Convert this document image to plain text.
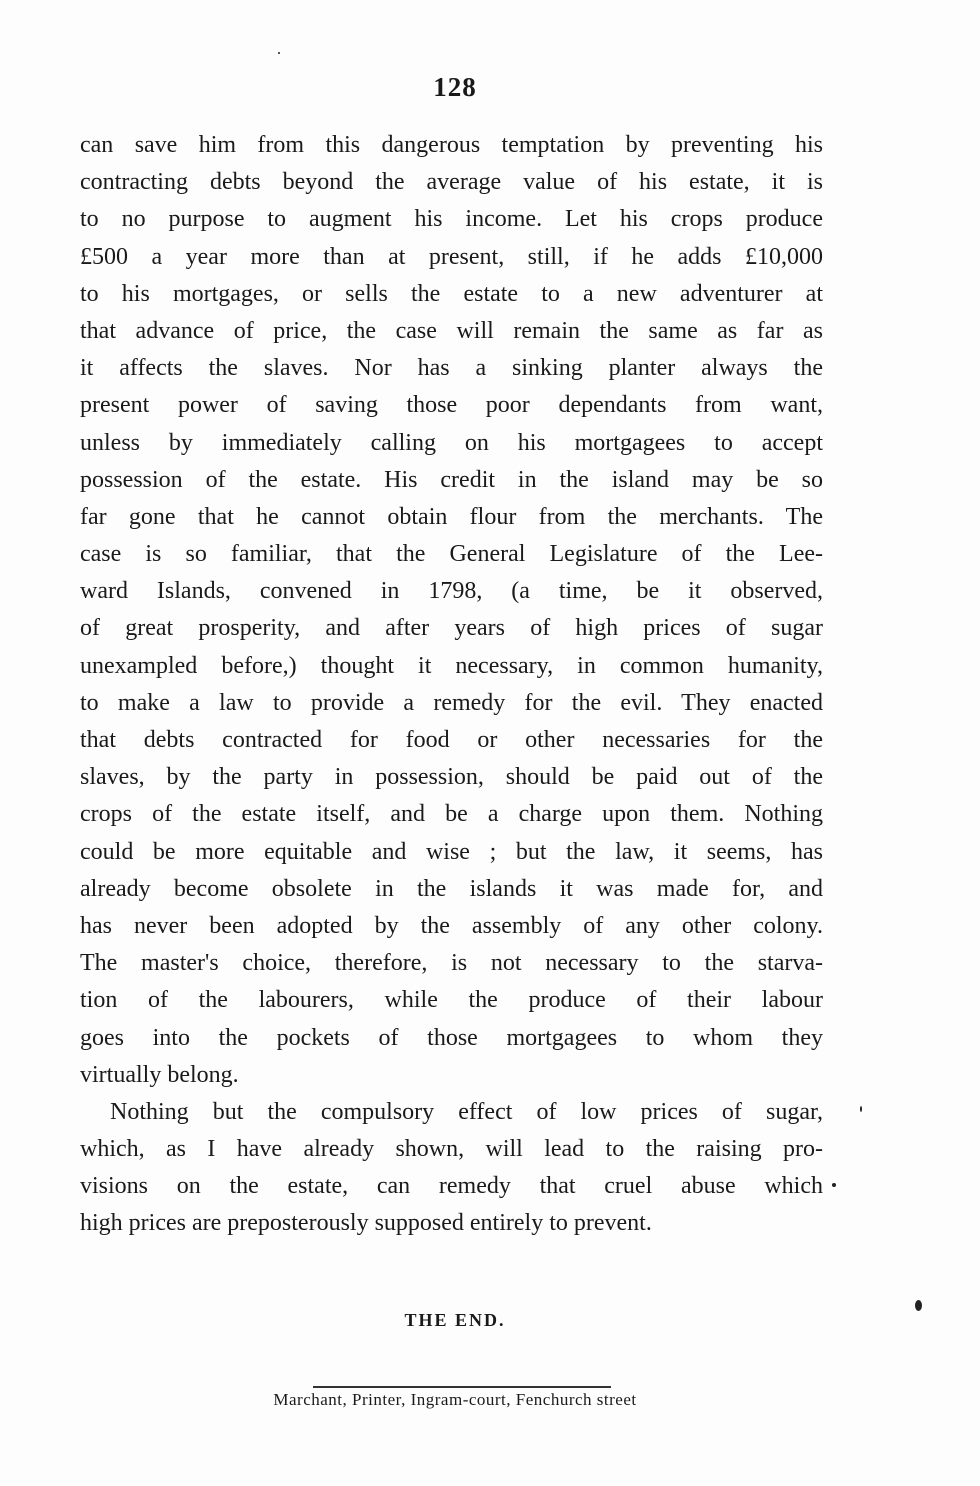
128
can save him from this dangerous temptation by preventing his
contracting debts beyond the average value of his estate, it is
to no purpose to augment his income. Let his crops produce
£500 a year more than at present, still, if he adds £10,000
to his mortgages, or sells the estate to a new adventurer at
that advance of price, the case will remain the same as far as
it affects the slaves. Nor has a sinking planter always the
present power of saving those poor dependants from want,
unless by immediately calling on his mortgagees to accept
possession of the estate. His credit in the island may be so
far gone that he cannot obtain flour from the merchants. The
case is so familiar, that the General Legislature of the Lee-
ward Islands, convened in 1798, (a time, be it observed,
of great prosperity, and after years of high prices of sugar
unexampled before,) thought it necessary, in common humanity,
to make a law to provide a remedy for the evil. They enacted
that debts contracted for food or other necessaries for the
slaves, by the party in possession, should be paid out of the
crops of the estate itself, and be a charge upon them. Nothing
could be more equitable and wise ; but the law, it seems, has
already become obsolete in the islands it was made for, and
has never been adopted by the assembly of any other colony.
The master's choice, therefore, is not necessary to the starva-
tion of the labourers, while the produce of their labour
goes into the pockets of those mortgagees to whom they
virtually belong.
Nothing but the compulsory effect of low prices of sugar,
which, as I have already shown, will lead to the raising pro-
visions on the estate, can remedy that cruel abuse which
high prices are preposterously supposed entirely to prevent.
THE END.
Marchant, Printer, Ingram-court, Fenchurch street
